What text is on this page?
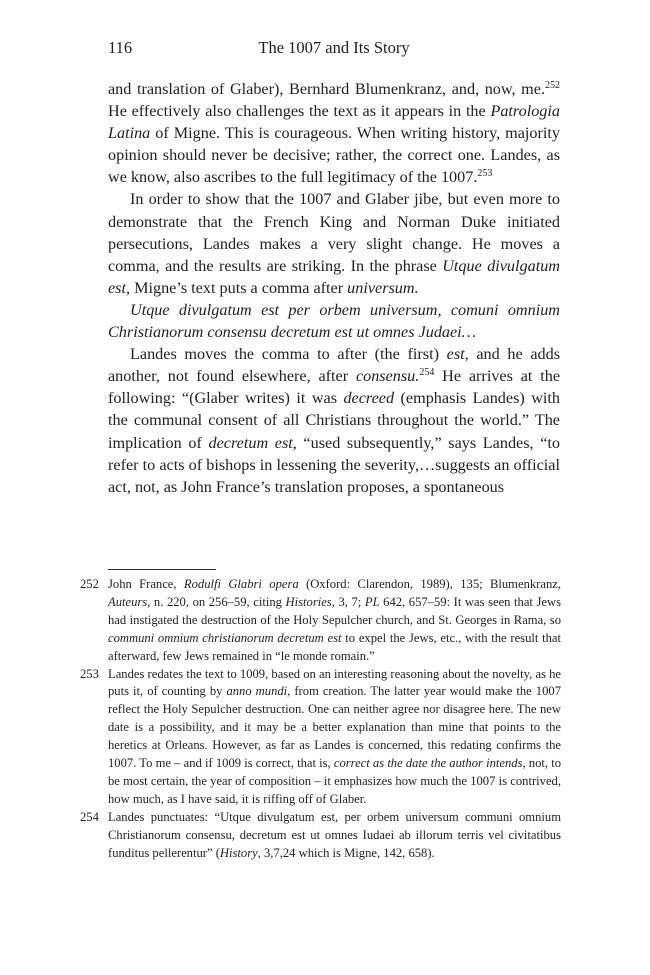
116	The 1007 and Its Story

and translation of Glaber), Bernhard Blumenkranz, and, now, me.$^{252}$ He effectively also challenges the text as it appears in the Patrologia Latina of Migne. This is courageous. When writing history, majority opinion should never be decisive; rather, the correct one. Landes, as we know, also ascribes to the full legitimacy of the 1007.$^{253}$

In order to show that the 1007 and Glaber jibe, but even more to demonstrate that the French King and Norman Duke initiated persecutions, Landes makes a very slight change. He moves a comma, and the results are striking. In the phrase Utque divulgatum est, Migne’s text puts a comma after universum.

Utque divulgatum est per orbem universum, comuni omnium Christianorum consensu decretum est ut omnes Judaei…

Landes moves the comma to after (the first) est, and he adds another, not found elsewhere, after consensu.$^{254}$ He arrives at the following: “(Glaber writes) it was decreed (emphasis Landes) with the communal consent of all Christians throughout the world.” The implication of decretum est, “used subsequently,” says Landes, “to refer to acts of bishops in lessening the severity,…suggests an official act, not, as John France’s translation proposes, a spontaneous

252 John France, Rodulfi Glabri opera (Oxford: Clarendon, 1989), 135; Blumenkranz, Auteurs, n. 220, on 256–59, citing Histories, 3, 7; PL 642, 657–59: It was seen that Jews had instigated the destruction of the Holy Sepulcher church, and St. Georges in Rama, so communi omnium christianorum decretum est to expel the Jews, etc., with the result that afterward, few Jews remained in “le monde romain.”
253 Landes redates the text to 1009, based on an interesting reasoning about the novelty, as he puts it, of counting by anno mundi, from creation. The latter year would make the 1007 reflect the Holy Sepulcher destruction. One can neither agree nor disagree here. The new date is a possibility, and it may be a better explanation than mine that points to the heretics at Orleans. However, as far as Landes is concerned, this redating confirms the 1007. To me – and if 1009 is correct, that is, correct as the date the author intends, not, to be most certain, the year of composition – it emphasizes how much the 1007 is contrived, how much, as I have said, it is riffing off of Glaber.
254 Landes punctuates: “Utque divulgatum est, per orbem universum communi omnium Christianorum consensu, decretum est ut omnes Iudaei ab illorum terris vel civitatibus funditus pellerentur” (History, 3,7,24 which is Migne, 142, 658).
